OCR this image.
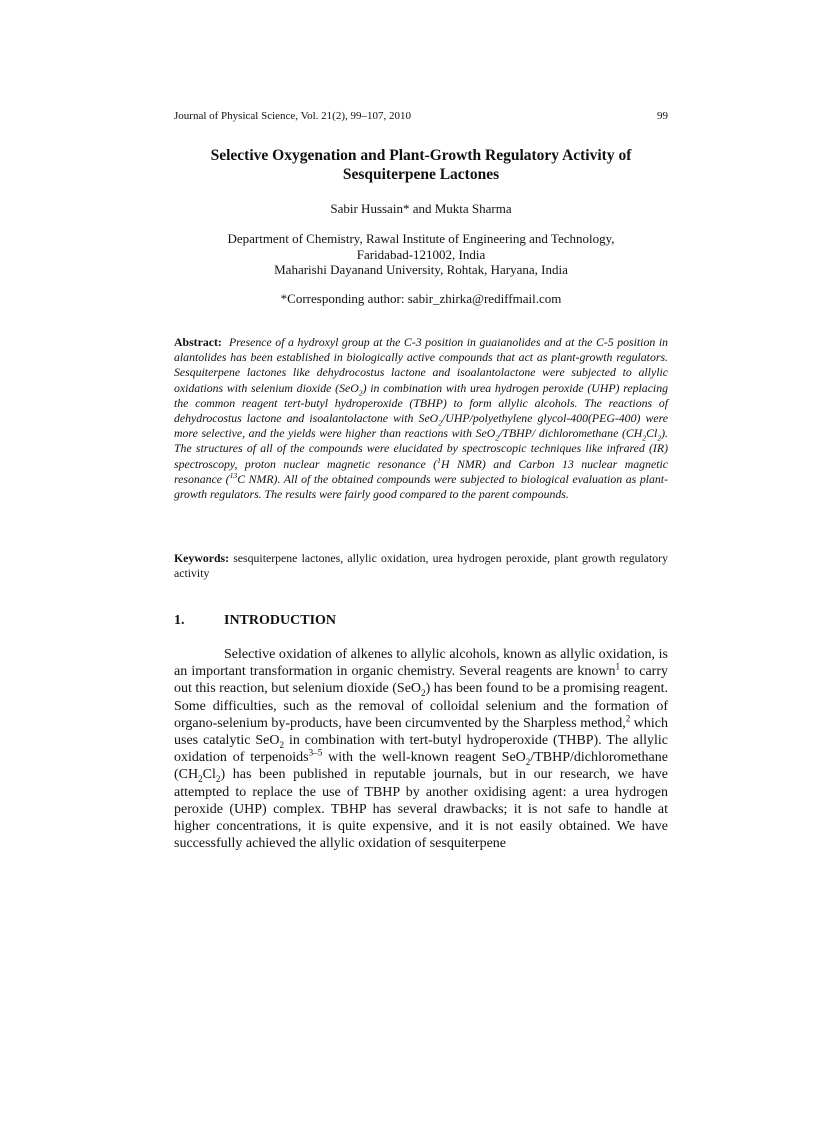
Journal of Physical Science, Vol. 21(2), 99–107, 2010	99
Selective Oxygenation and Plant-Growth Regulatory Activity of
Sesquiterpene Lactones
Sabir Hussain* and Mukta Sharma
Department of Chemistry, Rawal Institute of Engineering and Technology,
Faridabad-121002, India
Maharishi Dayanand University, Rohtak, Haryana, India
*Corresponding author: sabir_zhirka@rediffmail.com
Abstract: Presence of a hydroxyl group at the C-3 position in guaianolides and at the C-5 position in alantolides has been established in biologically active compounds that act as plant-growth regulators. Sesquiterpene lactones like dehydrocostus lactone and isoalantolactone were subjected to allylic oxidations with selenium dioxide (SeO$_2$) in combination with urea hydrogen peroxide (UHP) replacing the common reagent tert-butyl hydroperoxide (TBHP) to form allylic alcohols. The reactions of dehydrocostus lactone and isoalantolactone with SeO$_2$/UHP/polyethylene glycol-400(PEG-400) were more selective, and the yields were higher than reactions with SeO$_2$/TBHP/ dichloromethane $(CH_2Cl_2)$. The structures of all of the compounds were elucidated by spectroscopic techniques like infrared (IR) spectroscopy, proton nuclear magnetic resonance ($^1$H NMR) and Carbon 13 nuclear magnetic resonance ($^{13}$C NMR). All of the obtained compounds were subjected to biological evaluation as plant-growth regulators. The results were fairly good compared to the parent compounds.
Keywords: sesquiterpene lactones, allylic oxidation, urea hydrogen peroxide, plant growth regulatory activity
1.	INTRODUCTION
Selective oxidation of alkenes to allylic alcohols, known as allylic oxidation, is an important transformation in organic chemistry. Several reagents are known$^1$ to carry out this reaction, but selenium dioxide (SeO$_2$) has been found to be a promising reagent. Some difficulties, such as the removal of colloidal selenium and the formation of organo-selenium by-products, have been circumvented by the Sharpless method,$^2$ which uses catalytic SeO$_2$ in combination with tert-butyl hydroperoxide (THBP). The allylic oxidation of terpenoids$^{3-5}$ with the well-known reagent SeO$_2$/TBHP/dichloromethane $(CH_2Cl_2)$ has been published in reputable journals, but in our research, we have attempted to replace the use of TBHP by another oxidising agent: a urea hydrogen peroxide (UHP) complex. TBHP has several drawbacks; it is not safe to handle at higher concentrations, it is quite expensive, and it is not easily obtained. We have successfully achieved the allylic oxidation of sesquiterpene
